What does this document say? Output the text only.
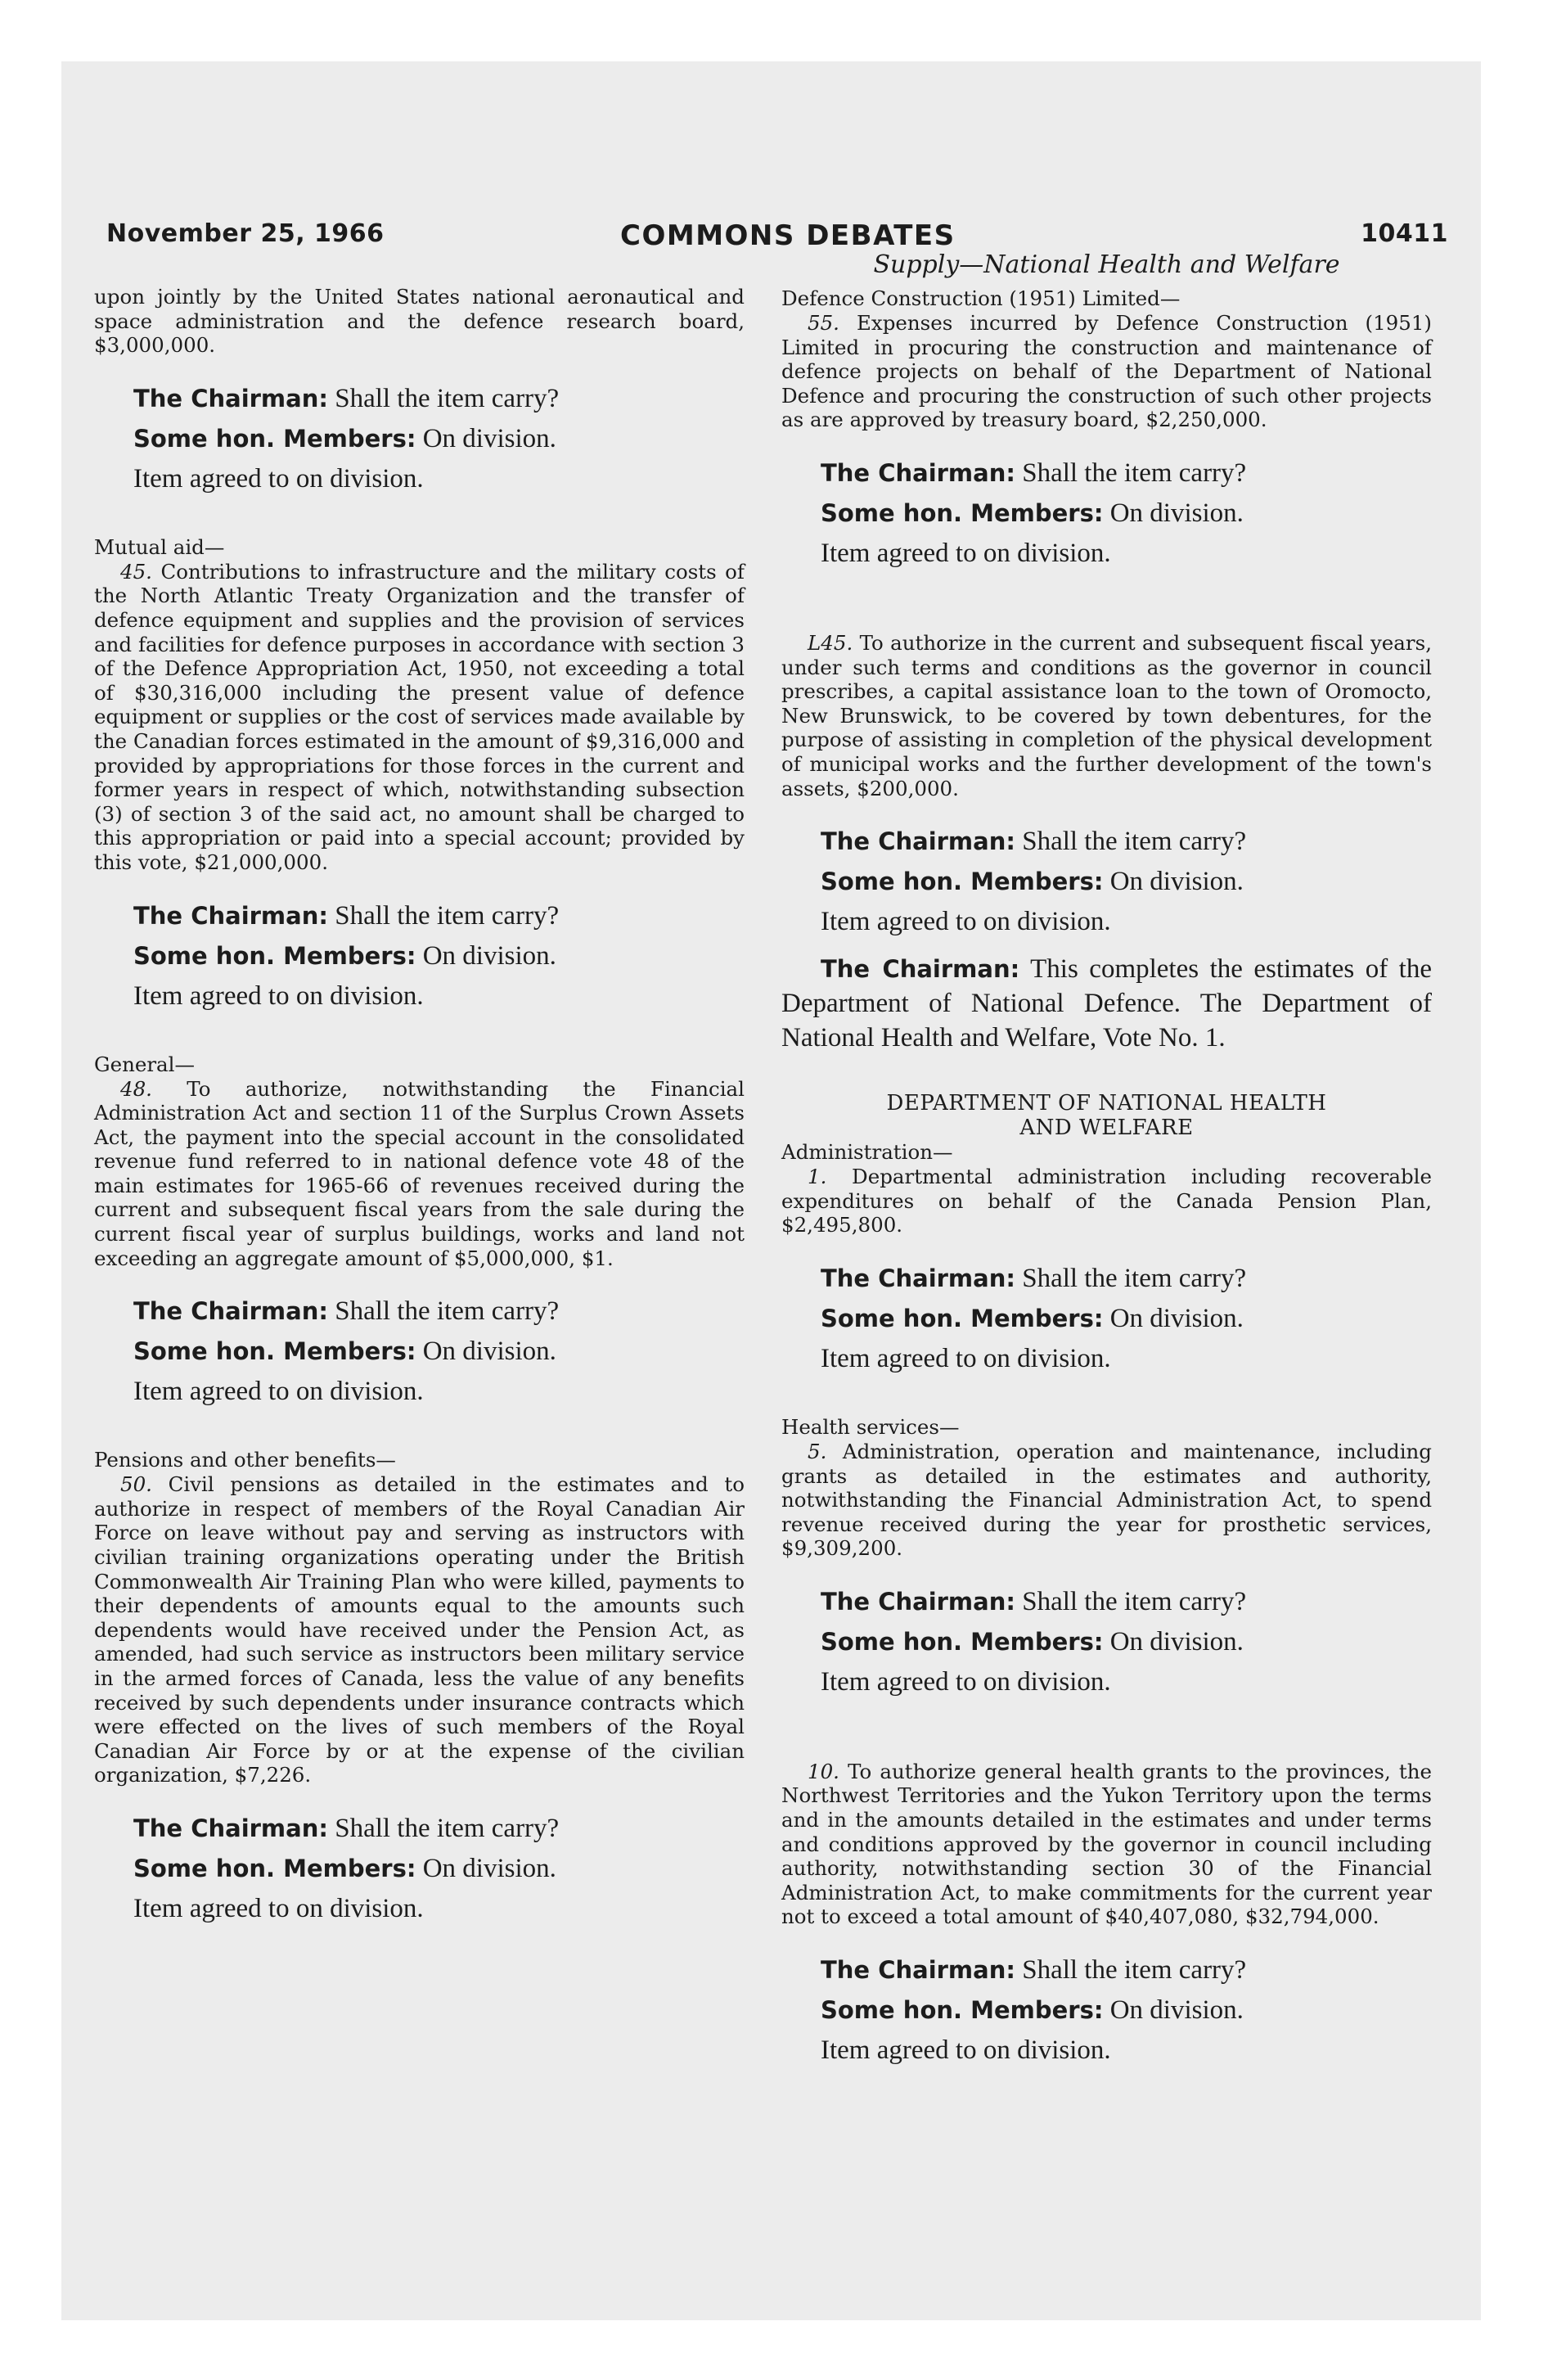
November 25, 1966	COMMONS DEBATES	10411

upon jointly by the United States national aeronautical and space administration and the defence research board, $3,000,000.

The Chairman: Shall the item carry?

Some hon. Members: On division.

Item agreed to on division.

Mutual aid—

45. Contributions to infrastructure and the military costs of the North Atlantic Treaty Organization and the transfer of defence equipment and supplies and the provision of services and facilities for defence purposes in accordance with section 3 of the Defence Appropriation Act, 1950, not exceeding a total of $30,316,000 including the present value of defence equipment or supplies or the cost of services made available by the Canadian forces estimated in the amount of $9,316,000 and provided by appropriations for those forces in the current and former years in respect of which, notwithstanding subsection (3) of section 3 of the said act, no amount shall be charged to this appropriation or paid into a special account; provided by this vote, $21,000,000.

The Chairman: Shall the item carry?

Some hon. Members: On division.

Item agreed to on division.

General—

48. To authorize, notwithstanding the Financial Administration Act and section 11 of the Surplus Crown Assets Act, the payment into the special account in the consolidated revenue fund referred to in national defence vote 48 of the main estimates for 1965-66 of revenues received during the current and subsequent fiscal years from the sale during the current fiscal year of surplus buildings, works and land not exceeding an aggregate amount of $5,000,000, $1.

The Chairman: Shall the item carry?

Some hon. Members: On division.

Item agreed to on division.

Pensions and other benefits—

50. Civil pensions as detailed in the estimates and to authorize in respect of members of the Royal Canadian Air Force on leave without pay and serving as instructors with civilian training organizations operating under the British Commonwealth Air Training Plan who were killed, payments to their dependents of amounts equal to the amounts such dependents would have received under the Pension Act, as amended, had such service as instructors been military service in the armed forces of Canada, less the value of any benefits received by such dependents under insurance contracts which were effected on the lives of such members of the Royal Canadian Air Force by or at the expense of the civilian organization, $7,226.

The Chairman: Shall the item carry?

Some hon. Members: On division.

Item agreed to on division.

Supply—National Health and Welfare

Defence Construction (1951) Limited—

55. Expenses incurred by Defence Construction (1951) Limited in procuring the construction and maintenance of defence projects on behalf of the Department of National Defence and procuring the construction of such other projects as are approved by treasury board, $2,250,000.

The Chairman: Shall the item carry?

Some hon. Members: On division.

Item agreed to on division.

L45. To authorize in the current and subsequent fiscal years, under such terms and conditions as the governor in council prescribes, a capital assistance loan to the town of Oromocto, New Brunswick, to be covered by town debentures, for the purpose of assisting in completion of the physical development of municipal works and the further development of the town's assets, $200,000.

The Chairman: Shall the item carry?

Some hon. Members: On division.

Item agreed to on division.

The Chairman: This completes the estimates of the Department of National Defence. The Department of National Health and Welfare, Vote No. 1.

DEPARTMENT OF NATIONAL HEALTH

AND WELFARE

Administration—

1. Departmental administration including recoverable expenditures on behalf of the Canada Pension Plan, $2,495,800.

The Chairman: Shall the item carry?

Some hon. Members: On division.

Item agreed to on division.

Health services—

5. Administration, operation and maintenance, including grants as detailed in the estimates and authority, notwithstanding the Financial Administration Act, to spend revenue received during the year for prosthetic services, $9,309,200.

The Chairman: Shall the item carry?

Some hon. Members: On division.

Item agreed to on division.

10. To authorize general health grants to the provinces, the Northwest Territories and the Yukon Territory upon the terms and in the amounts detailed in the estimates and under terms and conditions approved by the governor in council including authority, notwithstanding section 30 of the Financial Administration Act, to make commitments for the current year not to exceed a total amount of $40,407,080, $32,794,000.

The Chairman: Shall the item carry?

Some hon. Members: On division.

Item agreed to on division.
